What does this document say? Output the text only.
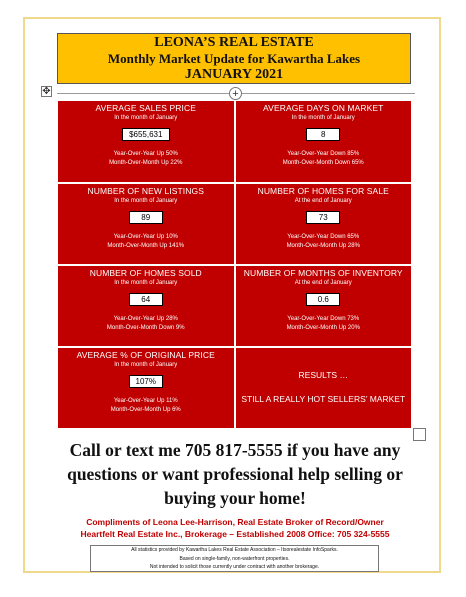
LEONA’S REAL ESTATE
Monthly Market Update for Kawartha Lakes
JANUARY 2021
✥	+
AVERAGE SALES PRICE
In the month of January
$655,631
Year-Over-Year Up 50%
Month-Over-Month Up 22%
AVERAGE DAYS ON MARKET
In the month of January
8
Year-Over-Year Down 85%
Month-Over-Month Down 65%
NUMBER OF NEW LISTINGS
In the month of January
89
Year-Over-Year Up 10%
Month-Over-Month Up 141%
NUMBER OF HOMES FOR SALE
At the end of January
73
Year-Over-Year Down 65%
Month-Over-Month Up 28%
NUMBER OF HOMES SOLD
In the month of January
64
Year-Over-Year Up 28%
Month-Over-Month Down 9%
NUMBER OF MONTHS OF INVENTORY
At the end of January
0.6
Year-Over-Year Down 73%
Month-Over-Month Up 20%
AVERAGE % OF ORIGINAL PRICE
In the month of January
107%
Year-Over-Year Up 11%
Month-Over-Month Up 6%
RESULTS …
STILL A REALLY HOT SELLERS’ MARKET
Call or text me 705 817-5555 if you have any questions or want professional help selling or buying your home!
Compliments of Leona Lee-Harrison, Real Estate Broker of Record/Owner
Heartfelt Real Estate Inc., Brokerage – Established 2008 Office: 705 324-5555
All statistics provided by Kawartha Lakes Real Estate Association – Itsorealestate InfoSparks.
Based on single-family, non-waterfront properties.
Not intended to solicit those currently under contract with another brokerage.
